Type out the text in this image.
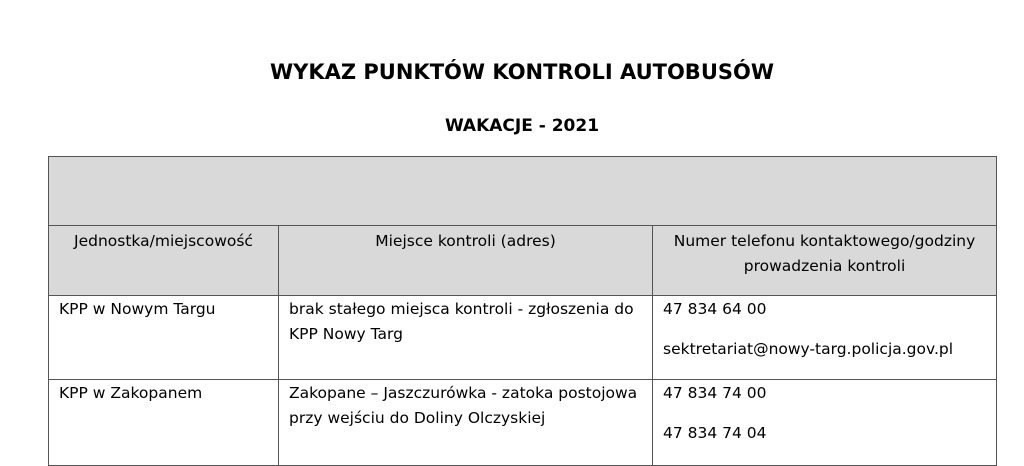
WYKAZ PUNKTÓW KONTROLI AUTOBUSÓW
WAKACJE - 2021

Jednostka/miejscowość	Miejsce kontroli (adres)	Numer telefonu kontaktowego/godziny prowadzenia kontroli

KPP w Nowym Targu	brak stałego miejsca kontroli - zgłoszenia do KPP Nowy Targ	47 834 64 00
sektretariat@nowy-targ.policja.gov.pl

KPP w Zakopanem	Zakopane – Jaszczurówka - zatoka postojowa przy wejściu do Doliny Olczyskiej	47 834 74 00
47 834 74 04
